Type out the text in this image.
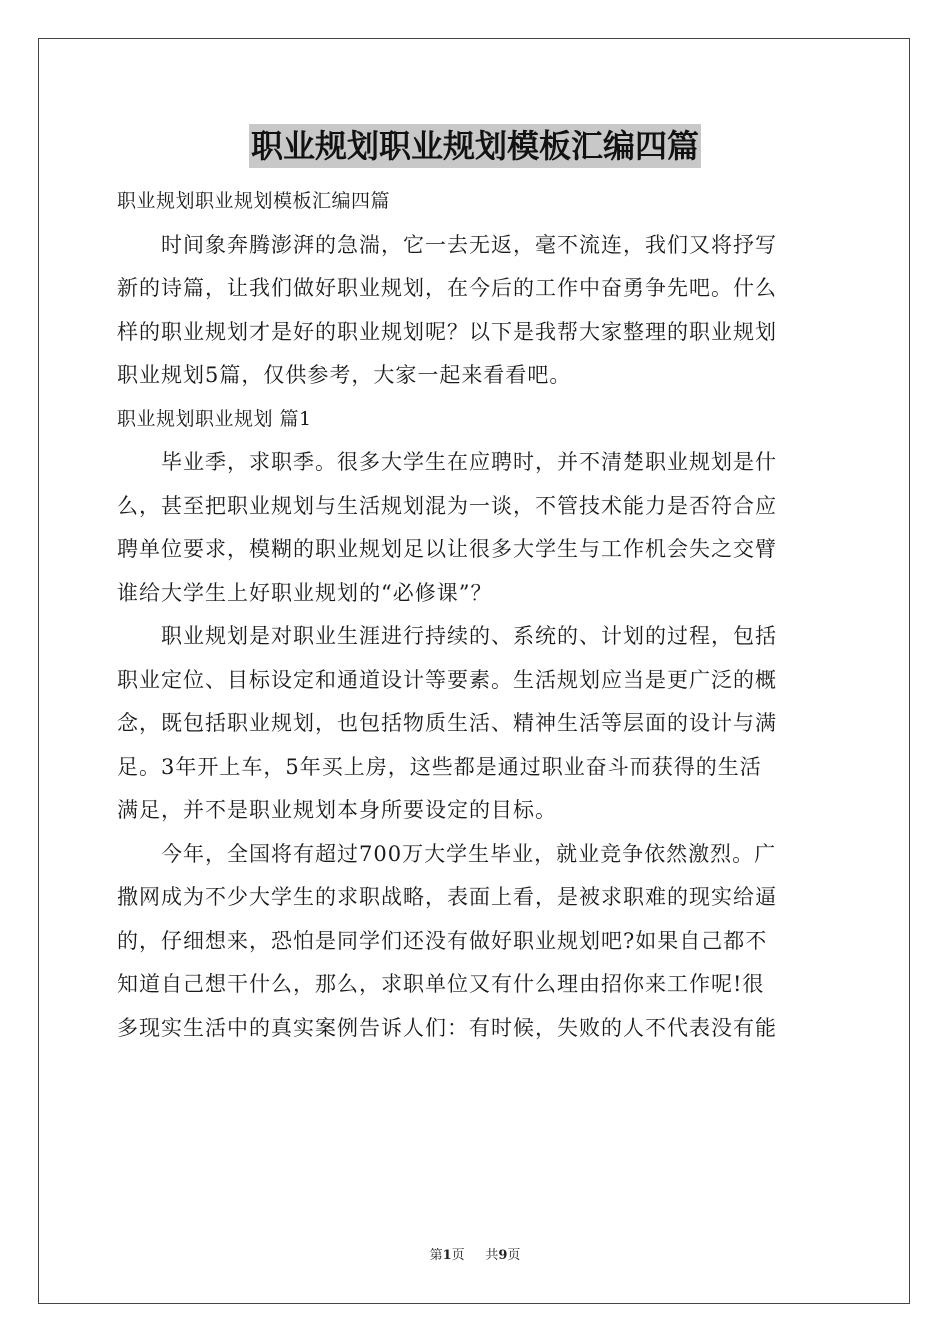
职业规划职业规划模板汇编四篇
职业规划职业规划模板汇编四篇
时间象奔腾澎湃的急湍，它一去无返，毫不流连，我们又将抒写
新的诗篇，让我们做好职业规划，在今后的工作中奋勇争先吧。什么
样的职业规划才是好的职业规划呢？以下是我帮大家整理的职业规划
职业规划5篇，仅供参考，大家一起来看看吧。
职业规划职业规划 篇1
毕业季，求职季。很多大学生在应聘时，并不清楚职业规划是什
么，甚至把职业规划与生活规划混为一谈，不管技术能力是否符合应
聘单位要求，模糊的职业规划足以让很多大学生与工作机会失之交臂
谁给大学生上好职业规划的“必修课”？
职业规划是对职业生涯进行持续的、系统的、计划的过程，包括
职业定位、目标设定和通道设计等要素。生活规划应当是更广泛的概
念，既包括职业规划，也包括物质生活、精神生活等层面的设计与满
足。3年开上车，5年买上房，这些都是通过职业奋斗而获得的生活
满足，并不是职业规划本身所要设定的目标。
今年，全国将有超过700万大学生毕业，就业竞争依然激烈。广
撒网成为不少大学生的求职战略，表面上看，是被求职难的现实给逼
的，仔细想来，恐怕是同学们还没有做好职业规划吧?如果自己都不
知道自己想干什么，那么，求职单位又有什么理由招你来工作呢!很
多现实生活中的真实案例告诉人们：有时候，失败的人不代表没有能
第1页 共9页
